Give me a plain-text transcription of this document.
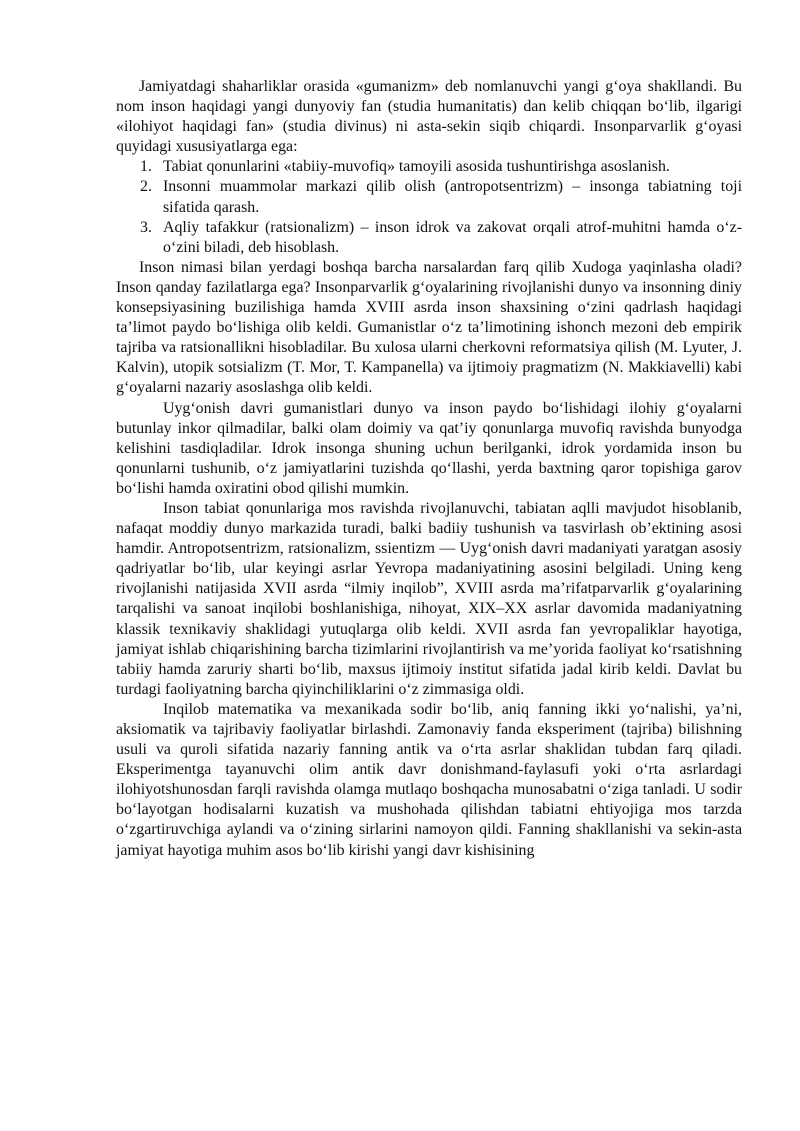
Jamiyatdagi shaharliklar orasida «gumanizm» deb nomlanuvchi yangi g‘oya shakllandi. Bu nom inson haqidagi yangi dunyoviy fan (studia humanitatis) dan kelib chiqqan bo‘lib, ilgarigi «ilohiyot haqidagi fan» (studia divinus) ni asta-sekin siqib chiqardi. Insonparvarlik g‘oyasi quyidagi xususiyatlarga ega:

1. Tabiat qonunlarini «tabiiy-muvofiq» tamoyili asosida tushuntirishga asoslanish.
2. Insonni muammolar markazi qilib olish (antropotsentrizm) – insonga tabiatning toji sifatida qarash.
3. Aqliy tafakkur (ratsionalizm) – inson idrok va zakovat orqali atrof-muhitni hamda o‘z-o‘zini biladi, deb hisoblash.

Inson nimasi bilan yerdagi boshqa barcha narsalardan farq qilib Xudoga yaqinlasha oladi? Inson qanday fazilatlarga ega? Insonparvarlik g‘oyalarining rivojlanishi dunyo va insonning diniy konsepsiyasining buzilishiga hamda XVIII asrda inson shaxsining o‘zini qadrlash haqidagi ta’limot paydo bo‘lishiga olib keldi. Gumanistlar o‘z ta’limotining ishonch mezoni deb empirik tajriba va ratsionallikni hisobladilar. Bu xulosa ularni cherkovni reformatsiya qilish (M. Lyuter, J. Kalvin), utopik sotsializm (T. Mor, T. Kampanella) va ijtimoiy pragmatizm (N. Makkiavelli) kabi g‘oyalarni nazariy asoslashga olib keldi.

Uyg‘onish davri gumanistlari dunyo va inson paydo bo‘lishidagi ilohiy g‘oyalarni butunlay inkor qilmadilar, balki olam doimiy va qat’iy qonunlarga muvofiq ravishda bunyodga kelishini tasdiqladilar. Idrok insonga shuning uchun berilganki, idrok yordamida inson bu qonunlarni tushunib, o‘z jamiyatlarini tuzishda qo‘llashi, yerda baxtning qaror topishiga garov bo‘lishi hamda oxiratini obod qilishi mumkin.

Inson tabiat qonunlariga mos ravishda rivojlanuvchi, tabiatan aqlli mavjudot hisoblanib, nafaqat moddiy dunyo markazida turadi, balki badiiy tushunish va tasvirlash ob’ektining asosi hamdir. Antropotsentrizm, ratsionalizm, ssientizm — Uyg‘onish davri madaniyati yaratgan asosiy qadriyatlar bo‘lib, ular keyingi asrlar Yevropa madaniyatining asosini belgiladi. Uning keng rivojlanishi natijasida XVII asrda “ilmiy inqilob”, XVIII asrda ma’rifatparvarlik g‘oyalarining tarqalishi va sanoat inqilobi boshlanishiga, nihoyat, XIX–XX asrlar davomida madaniyatning klassik texnikaviy shaklidagi yutuqlarga olib keldi. XVII asrda fan yevropaliklar hayotiga, jamiyat ishlab chiqarishining barcha tizimlarini rivojlantirish va me’yorida faoliyat ko‘rsatishning tabiiy hamda zaruriy sharti bo‘lib, maxsus ijtimoiy institut sifatida jadal kirib keldi. Davlat bu turdagi faoliyatning barcha qiyinchiliklarini o‘z zimmasiga oldi.

Inqilob matematika va mexanikada sodir bo‘lib, aniq fanning ikki yo‘nalishi, ya’ni, aksiomatik va tajribaviy faoliyatlar birlashdi. Zamonaviy fanda eksperiment (tajriba) bilishning usuli va quroli sifatida nazariy fanning antik va o‘rta asrlar shaklidan tubdan farq qiladi. Eksperimentga tayanuvchi olim antik davr donishmand-faylasufi yoki o‘rta asrlardagi ilohiyotshunosdan farqli ravishda olamga mutlaqo boshqacha munosabatni o‘ziga tanladi. U sodir bo‘layotgan hodisalarni kuzatish va mushohada qilishdan tabiatni ehtiyojiga mos tarzda o‘zgartiruvchiga aylandi va o‘zining sirlarini namoyon qildi. Fanning shakllanishi va sekin-asta jamiyat hayotiga muhim asos bo‘lib kirishi yangi davr kishisining
